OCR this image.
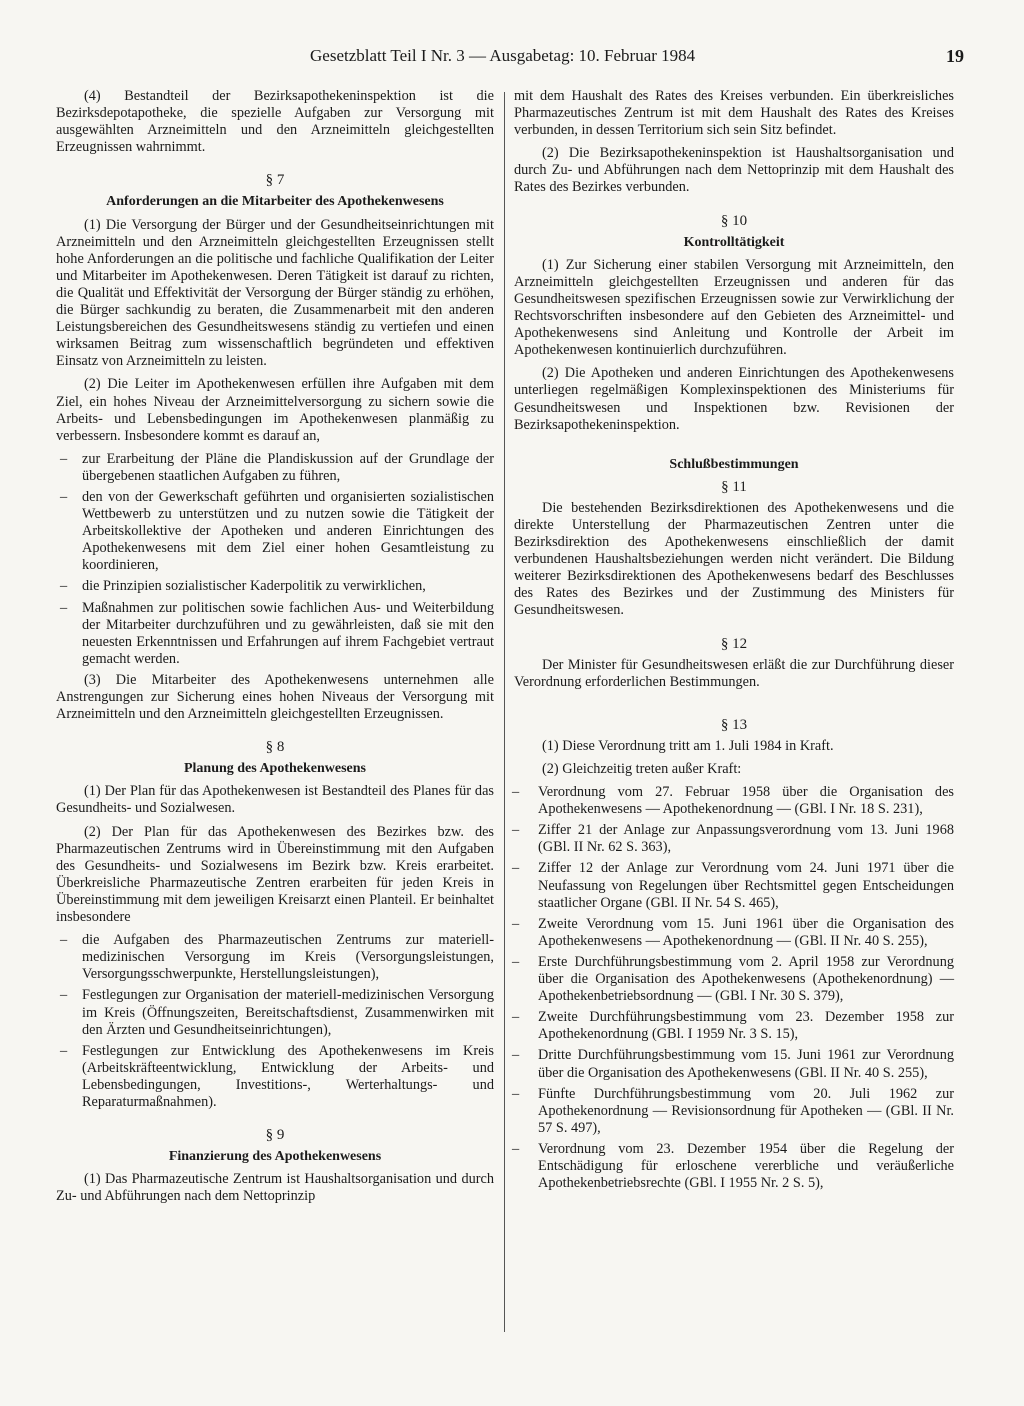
Gesetzblatt Teil I Nr. 3 — Ausgabetag: 10. Februar 1984	19

(4) Bestandteil der Bezirksapothekeninspektion ist die Bezirksdepotapotheke, die spezielle Aufgaben zur Versorgung mit ausgewählten Arzneimitteln und den Arzneimitteln gleichgestellten Erzeugnissen wahrnimmt.

§ 7
Anforderungen an die Mitarbeiter des Apothekenwesens

(1) Die Versorgung der Bürger und der Gesundheitseinrichtungen mit Arzneimitteln und den Arzneimitteln gleichgestellten Erzeugnissen stellt hohe Anforderungen an die politische und fachliche Qualifikation der Leiter und Mitarbeiter im Apothekenwesen. Deren Tätigkeit ist darauf zu richten, die Qualität und Effektivität der Versorgung der Bürger ständig zu erhöhen, die Bürger sachkundig zu beraten, die Zusammenarbeit mit den anderen Leistungsbereichen des Gesundheitswesens ständig zu vertiefen und einen wirksamen Beitrag zum wissenschaftlich begründeten und effektiven Einsatz von Arzneimitteln zu leisten.

(2) Die Leiter im Apothekenwesen erfüllen ihre Aufgaben mit dem Ziel, ein hohes Niveau der Arzneimittelversorgung zu sichern sowie die Arbeits- und Lebensbedingungen im Apothekenwesen planmäßig zu verbessern. Insbesondere kommt es darauf an,

– zur Erarbeitung der Pläne die Plandiskussion auf der Grundlage der übergebenen staatlichen Aufgaben zu führen,
– den von der Gewerkschaft geführten und organisierten sozialistischen Wettbewerb zu unterstützen und zu nutzen sowie die Tätigkeit der Arbeitskollektive der Apotheken und anderen Einrichtungen des Apothekenwesens mit dem Ziel einer hohen Gesamtleistung zu koordinieren,
– die Prinzipien sozialistischer Kaderpolitik zu verwirklichen,
– Maßnahmen zur politischen sowie fachlichen Aus- und Weiterbildung der Mitarbeiter durchzuführen und zu gewährleisten, daß sie mit den neuesten Erkenntnissen und Erfahrungen auf ihrem Fachgebiet vertraut gemacht werden.

(3) Die Mitarbeiter des Apothekenwesens unternehmen alle Anstrengungen zur Sicherung eines hohen Niveaus der Versorgung mit Arzneimitteln und den Arzneimitteln gleichgestellten Erzeugnissen.

§ 8
Planung des Apothekenwesens

(1) Der Plan für das Apothekenwesen ist Bestandteil des Planes für das Gesundheits- und Sozialwesen.

(2) Der Plan für das Apothekenwesen des Bezirkes bzw. des Pharmazeutischen Zentrums wird in Übereinstimmung mit den Aufgaben des Gesundheits- und Sozialwesens im Bezirk bzw. Kreis erarbeitet. Überkreisliche Pharmazeutische Zentren erarbeiten für jeden Kreis in Übereinstimmung mit dem jeweiligen Kreisarzt einen Planteil. Er beinhaltet insbesondere

– die Aufgaben des Pharmazeutischen Zentrums zur materiell-medizinischen Versorgung im Kreis (Versorgungsleistungen, Versorgungsschwerpunkte, Herstellungsleistungen),
– Festlegungen zur Organisation der materiell-medizinischen Versorgung im Kreis (Öffnungszeiten, Bereitschaftsdienst, Zusammenwirken mit den Ärzten und Gesundheitseinrichtungen),
– Festlegungen zur Entwicklung des Apothekenwesens im Kreis (Arbeitskräfteentwicklung, Entwicklung der Arbeits- und Lebensbedingungen, Investitions-, Werterhaltungs- und Reparaturmaßnahmen).
§ 9
Finanzierung des Apothekenwesens

(1) Das Pharmazeutische Zentrum ist Haushaltsorganisation und durch Zu- und Abführungen nach dem Nettoprinzip

mit dem Haushalt des Rates des Kreises verbunden. Ein überkreisliches Pharmazeutisches Zentrum ist mit dem Haushalt des Rates des Kreises verbunden, in dessen Territorium sich sein Sitz befindet.

(2) Die Bezirksapothekeninspektion ist Haushaltsorganisation und durch Zu- und Abführungen nach dem Nettoprinzip mit dem Haushalt des Rates des Bezirkes verbunden.

§ 10
Kontrolltätigkeit

(1) Zur Sicherung einer stabilen Versorgung mit Arzneimitteln, den Arzneimitteln gleichgestellten Erzeugnissen und anderen für das Gesundheitswesen spezifischen Erzeugnissen sowie zur Verwirklichung der Rechtsvorschriften insbesondere auf den Gebieten des Arzneimittel- und Apothekenwesens sind Anleitung und Kontrolle der Arbeit im Apothekenwesen kontinuierlich durchzuführen.

(2) Die Apotheken und anderen Einrichtungen des Apothekenwesens unterliegen regelmäßigen Komplexinspektionen des Ministeriums für Gesundheitswesen und Inspektionen bzw. Revisionen der Bezirksapothekeninspektion.

Schlußbestimmungen
§ 11

Die bestehenden Bezirksdirektionen des Apothekenwesens und die direkte Unterstellung der Pharmazeutischen Zentren unter die Bezirksdirektion des Apothekenwesens einschließlich der damit verbundenen Haushaltsbeziehungen werden nicht verändert. Die Bildung weiterer Bezirksdirektionen des Apothekenwesens bedarf des Beschlusses des Rates des Bezirkes und der Zustimmung des Ministers für Gesundheitswesen.

§ 12

Der Minister für Gesundheitswesen erläßt die zur Durchführung dieser Verordnung erforderlichen Bestimmungen.

§ 13

(1) Diese Verordnung tritt am 1. Juli 1984 in Kraft.

(2) Gleichzeitig treten außer Kraft:

– Verordnung vom 27. Februar 1958 über die Organisation des Apothekenwesens — Apothekenordnung — (GBl. I Nr. 18 S. 231),
– Ziffer 21 der Anlage zur Anpassungsverordnung vom 13. Juni 1968 (GBl. II Nr. 62 S. 363),
– Ziffer 12 der Anlage zur Verordnung vom 24. Juni 1971 über die Neufassung von Regelungen über Rechtsmittel gegen Entscheidungen staatlicher Organe (GBl. II Nr. 54 S. 465),
– Zweite Verordnung vom 15. Juni 1961 über die Organisation des Apothekenwesens — Apothekenordnung — (GBl. II Nr. 40 S. 255),
– Erste Durchführungsbestimmung vom 2. April 1958 zur Verordnung über die Organisation des Apothekenwesens (Apothekenordnung) — Apothekenbetriebsordnung — (GBl. I Nr. 30 S. 379),
– Zweite Durchführungsbestimmung vom 23. Dezember 1958 zur Apothekenordnung (GBl. I 1959 Nr. 3 S. 15),
– Dritte Durchführungsbestimmung vom 15. Juni 1961 zur Verordnung über die Organisation des Apothekenwesens (GBl. II Nr. 40 S. 255),
– Fünfte Durchführungsbestimmung vom 20. Juli 1962 zur Apothekenordnung — Revisionsordnung für Apotheken — (GBl. II Nr. 57 S. 497),
– Verordnung vom 23. Dezember 1954 über die Regelung der Entschädigung für erloschene vererbliche und veräußerliche Apothekenbetriebsrechte (GBl. I 1955 Nr. 2 S. 5),
